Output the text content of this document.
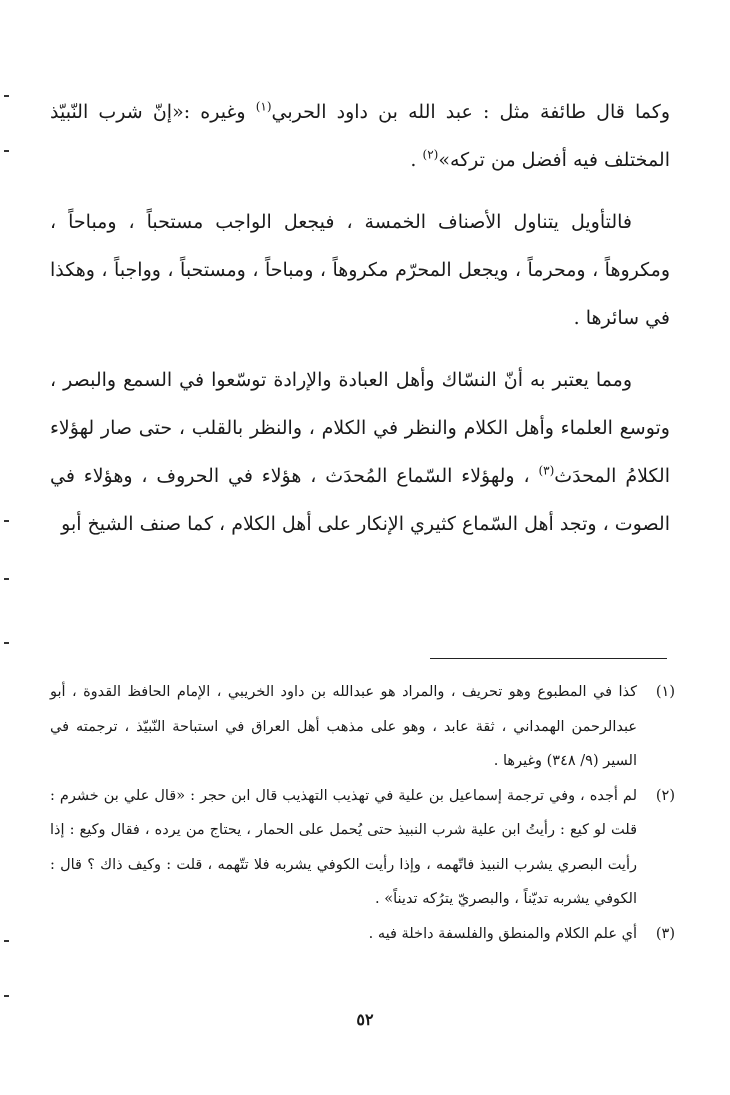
وكما قال طائفة مثل : عبد الله بن داود الحربي$^{(١)}$ وغيره :«إنّ شرب النّبيّذ المختلف فيه أفضل من تركه»$^{(٢)}$ .

فالتأويل يتناول الأصناف الخمسة ، فيجعل الواجب مستحباً ، ومباحاً ، ومكروهاً ، ومحرماً ، ويجعل المحرّم مكروهاً ، ومباحاً ، ومستحباً ، وواجباً ، وهكذا في سائرها .

ومما يعتبر به أنّ النسّاك وأهل العبادة والإرادة توسّعوا في السمع والبصر ، وتوسع العلماء وأهل الكلام والنظر في الكلام ، والنظر بالقلب ، حتى صار لهؤلاء الكلامُ المحدَث$^{(٣)}$ ، ولهؤلاء السّماع المُحدَث ، هؤلاء في الحروف ، وهؤلاء في الصوت ، وتجد أهل السّماع كثيري الإنكار على أهل الكلام ، كما صنف الشيخ أبو

(١)
كذا في المطبوع وهو تحريف ، والمراد هو عبدالله بن داود الخريبي ، الإمام الحافظ القدوة ، أبو عبدالرحمن الهمداني ، ثقة عابد ، وهو على مذهب أهل العراق في استباحة النّبيّذ ، ترجمته في السير (٩/ ٣٤٨) وغيرها .
(٢)
لم أجده ، وفي ترجمة إسماعيل بن علية في تهذيب التهذيب قال ابن حجر : «قال علي بن خشرم : قلت لو كيع : رأيتُ ابن علية شرب النبيذ حتى يُحمل على الحمار ، يحتاج من يرده ، فقال وكيع : إذا رأيت البصري يشرب النبيذ فاتّهمه ، وإذا رأيت الكوفي يشربه فلا تتّهمه ، قلت : وكيف ذاك ؟ قال : الكوفي يشربه تديّناً ، والبصريّ يترُكه تديناً» .
(٣)
أي علم الكلام والمنطق والفلسفة داخلة فيه .
٥٢
